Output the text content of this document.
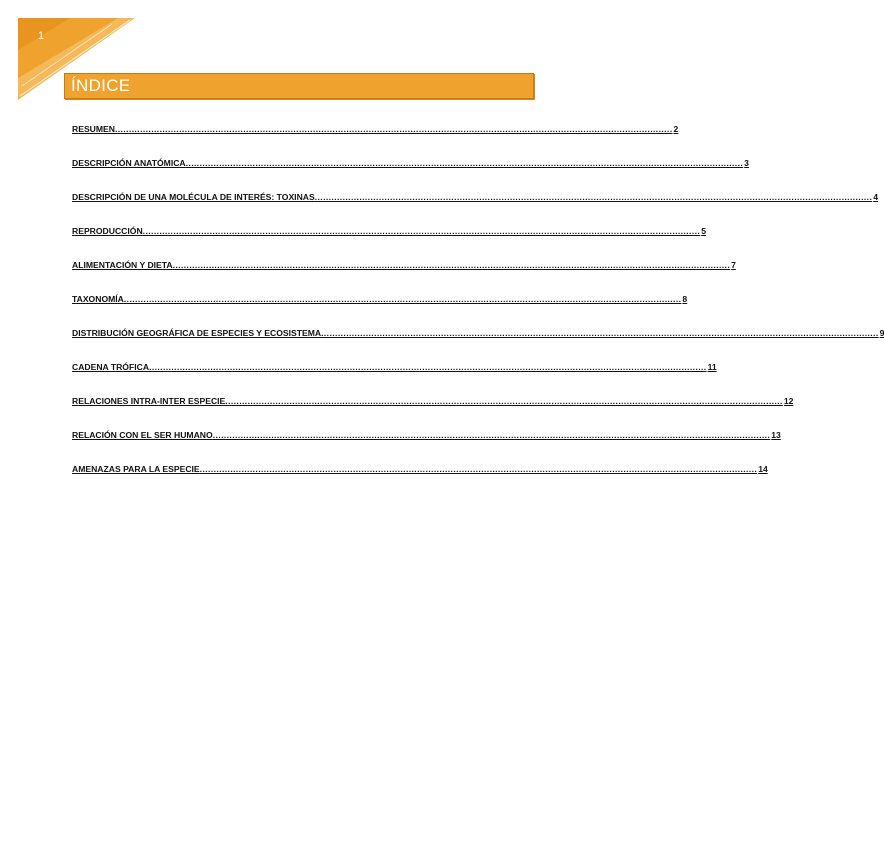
1
ÍNDICE
RESUMEN ........................................................................................................................................................................................................ 2
DESCRIPCIÓN ANATÓMICA ........................................................................................................................................................................................................ 3
DESCRIPCIÓN DE UNA MOLÉCULA DE INTERÉS: TOXINAS ........................................................................................................................................................................................................ 4
REPRODUCCIÓN ........................................................................................................................................................................................................ 5
ALIMENTACIÓN Y DIETA ........................................................................................................................................................................................................ 7
TAXONOMÍA ........................................................................................................................................................................................................ 8
DISTRIBUCIÓN GEOGRÁFICA DE ESPECIES Y ECOSISTEMA ........................................................................................................................................................................................................ 9
CADENA TRÓFICA ........................................................................................................................................................................................................ 11
RELACIONES INTRA-INTER ESPECIE ........................................................................................................................................................................................................ 12
RELACIÓN CON EL SER HUMANO ........................................................................................................................................................................................................ 13
AMENAZAS PARA LA ESPECIE ........................................................................................................................................................................................................ 14
